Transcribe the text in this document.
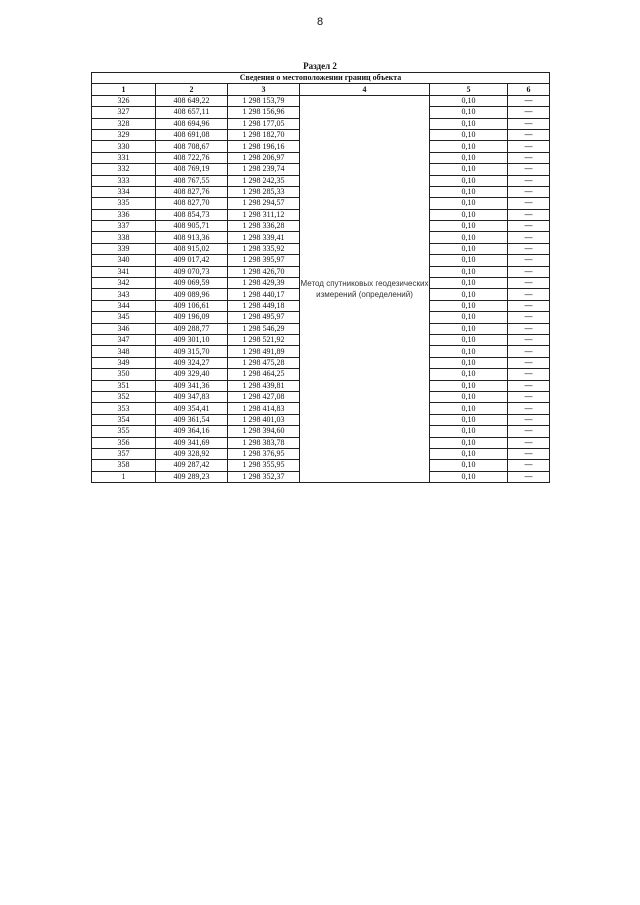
8
Раздел 2
Сведения о местоположении границ объекта					
1	2	3	4	5	6
326	408 649,22	1 298 153,79	Метод спутниковых геодезических измерений (определений)	0,10	—
327	408 657,11	1 298 156,96		0,10	—
328	408 694,96	1 298 177,05		0,10	—
329	408 691,08	1 298 182,70		0,10	—
330	408 708,67	1 298 196,16		0,10	—
331	408 722,76	1 298 206,97		0,10	—
332	408 769,19	1 298 239,74		0,10	—
333	408 767,55	1 298 242,35		0,10	—
334	408 827,76	1 298 285,33		0,10	—
335	408 827,70	1 298 294,57		0,10	—
336	408 854,73	1 298 311,12		0,10	—
337	408 905,71	1 298 336,28		0,10	—
338	408 913,36	1 298 339,41		0,10	—
339	408 915,02	1 298 335,92		0,10	—
340	409 017,42	1 298 395,97		0,10	—
341	409 070,73	1 298 426,70		0,10	—
342	409 069,59	1 298 429,39		0,10	—
343	409 089,96	1 298 440,17		0,10	—
344	409 106,61	1 298 449,18		0,10	—
345	409 196,09	1 298 495,97		0,10	—
346	409 288,77	1 298 546,29		0,10	—
347	409 301,10	1 298 521,92		0,10	—
348	409 315,70	1 298 491,89		0,10	—
349	409 324,27	1 298 475,28		0,10	—
350	409 329,40	1 298 464,25		0,10	—
351	409 341,36	1 298 439,81		0,10	—
352	409 347,83	1 298 427,08		0,10	—
353	409 354,41	1 298 414,83		0,10	—
354	409 361,54	1 298 401,03		0,10	—
355	409 364,16	1 298 394,60		0,10	—
356	409 341,69	1 298 383,78		0,10	—
357	409 328,92	1 298 376,95		0,10	—
358	409 287,42	1 298 355,95		0,10	—
1	409 289,23	1 298 352,37		0,10	—
